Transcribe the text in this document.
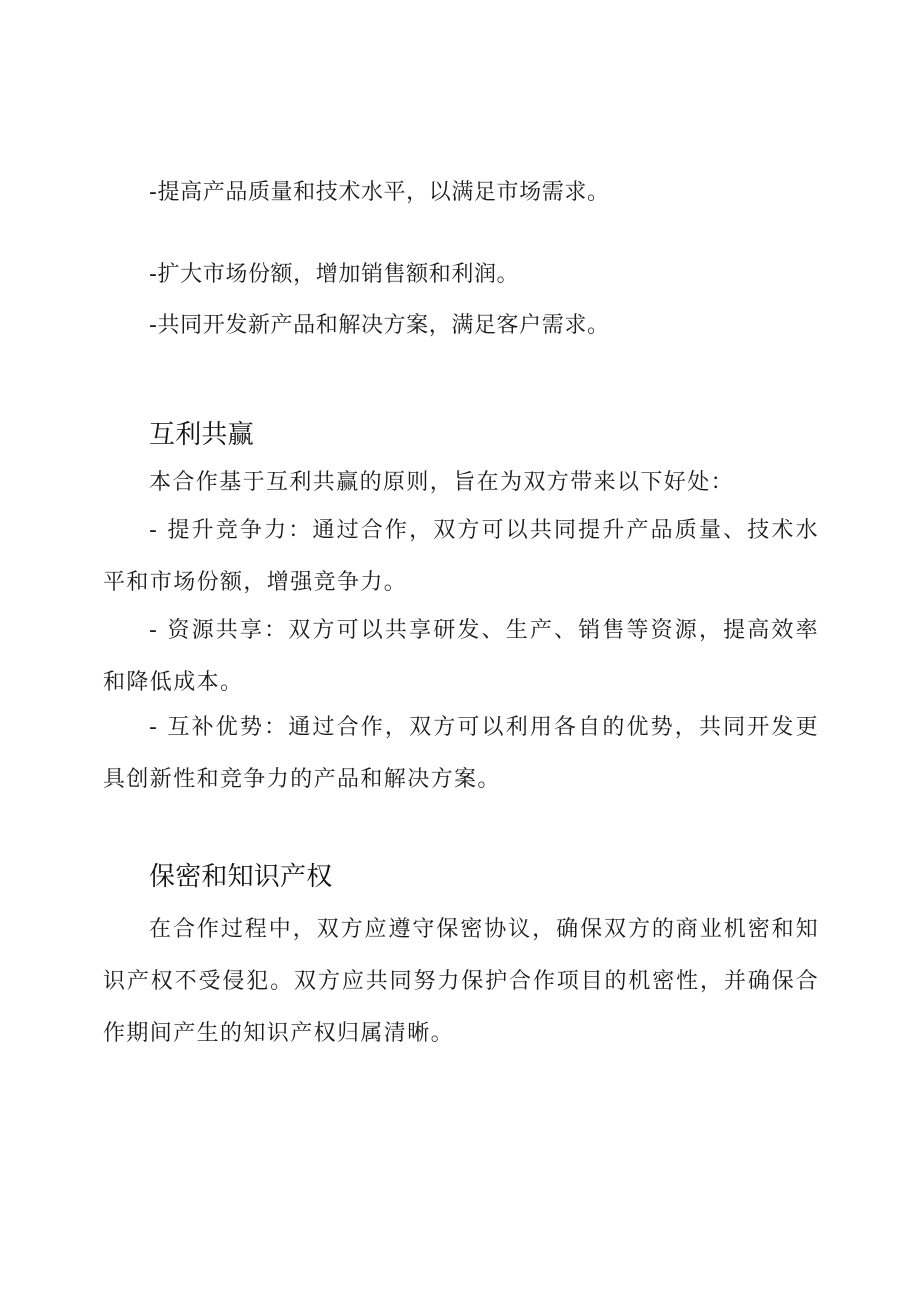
-提高产品质量和技术水平，以满足市场需求。
-扩大市场份额，增加销售额和利润。
-共同开发新产品和解决方案，满足客户需求。
互利共赢

本合作基于互利共赢的原则，旨在为双方带来以下好处：

- 提升竞争力：通过合作，双方可以共同提升产品质量、技术水平和市场份额，增强竞争力。

- 资源共享：双方可以共享研发、生产、销售等资源，提高效率和降低成本。

- 互补优势：通过合作，双方可以利用各自的优势，共同开发更具创新性和竞争力的产品和解决方案。

保密和知识产权

在合作过程中，双方应遵守保密协议，确保双方的商业机密和知识产权不受侵犯。双方应共同努力保护合作项目的机密性，并确保合作期间产生的知识产权归属清晰。
